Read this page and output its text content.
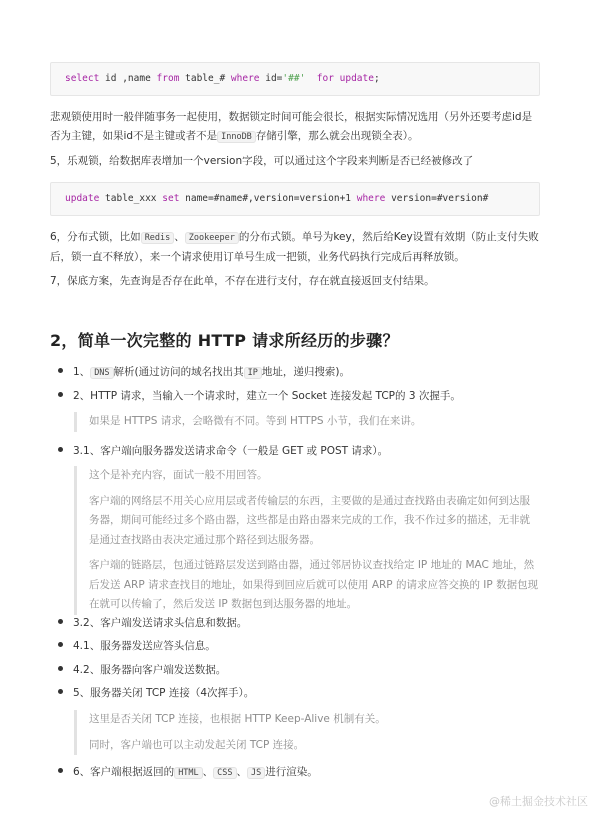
select id ,name from table_# where id='##' for update;
悲观锁使用时一般伴随事务一起使用，数据锁定时间可能会很长，根据实际情况选用（另外还要考虑id是否为主键，如果id不是主键或者不是 InnoDB 存储引擎，那么就会出现锁全表）。
5，乐观锁，给数据库表增加一个version字段，可以通过这个字段来判断是否已经被修改了
update table_xxx set name=#name#,version=version+1 where version=#version#
6，分布式锁，比如 Redis 、 Zookeeper 的分布式锁。单号为key，然后给Key设置有效期（防止支付失败后，锁一直不释放），来一个请求使用订单号生成一把锁，业务代码执行完成后再释放锁。
7，保底方案，先查询是否存在此单，不存在进行支付，存在就直接返回支付结果。
2，简单一次完整的 HTTP 请求所经历的步骤？
1、 DNS 解析(通过访问的域名找出其 IP 地址，递归搜索)。
2、HTTP 请求，当输入一个请求时，建立一个 Socket 连接发起 TCP的 3 次握手。

如果是 HTTPS 请求，会略微有不同。等到 HTTPS 小节，我们在来讲。

3.1、客户端向服务器发送请求命令（一般是 GET 或 POST 请求）。

这个是补充内容，面试一般不用回答。

客户端的网络层不用关心应用层或者传输层的东西，主要做的是通过查找路由表确定如何到达服务器，期间可能经过多个路由器，这些都是由路由器来完成的工作，我不作过多的描述，无非就是通过查找路由表决定通过那个路径到达服务器。

客户端的链路层，包通过链路层发送到路由器，通过邻居协议查找给定 IP 地址的 MAC 地址，然后发送 ARP 请求查找目的地址，如果得到回应后就可以使用 ARP 的请求应答交换的 IP 数据包现在就可以传输了，然后发送 IP 数据包到达服务器的地址。

3.2、客户端发送请求头信息和数据。
4.1、服务器发送应答头信息。
4.2、服务器向客户端发送数据。
5、服务器关闭 TCP 连接（4次挥手）。

这里是否关闭 TCP 连接，也根据 HTTP Keep-Alive 机制有关。

同时，客户端也可以主动发起关闭 TCP 连接。

6、客户端根据返回的 HTML 、 CSS 、 JS 进行渲染。
@稀土掘金技术社区
